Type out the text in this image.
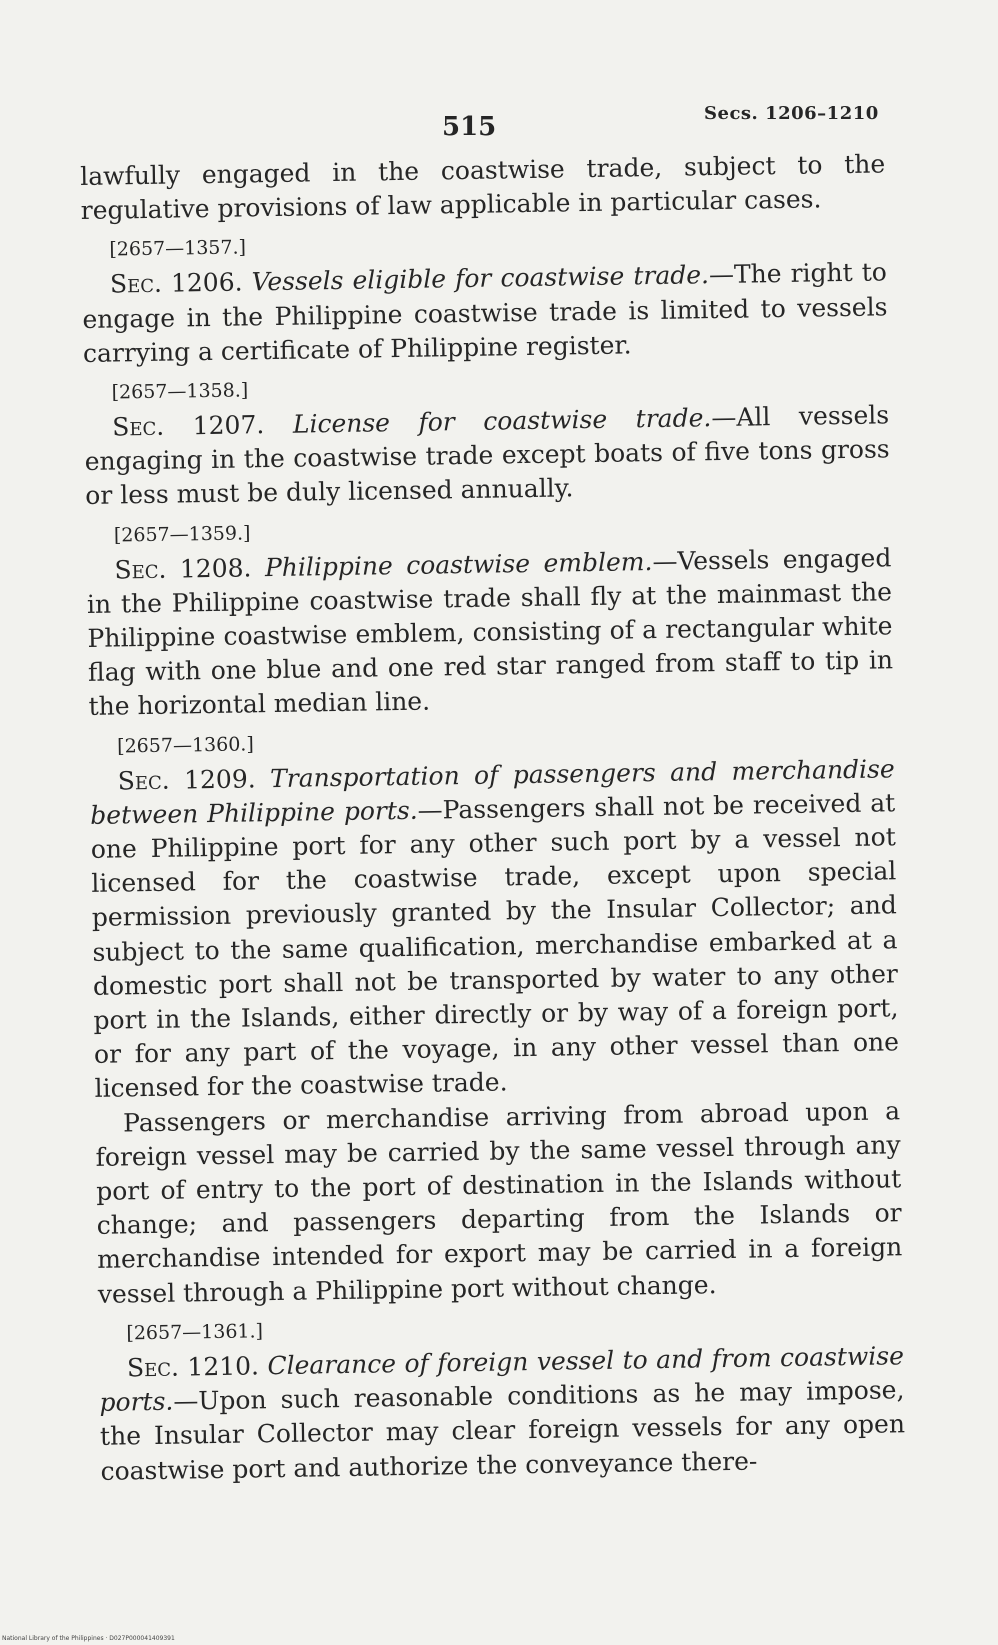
515	Secs. 1206–1210

lawfully engaged in the coastwise trade, subject to the regulative provisions of law applicable in particular cases.

[2657—1357.]

Sec. 1206. Vessels eligible for coastwise trade.—The right to engage in the Philippine coastwise trade is limited to vessels carrying a certificate of Philippine register.

[2657—1358.]

Sec. 1207. License for coastwise trade.—All vessels engaging in the coastwise trade except boats of five tons gross or less must be duly licensed annually.

[2657—1359.]

Sec. 1208. Philippine coastwise emblem.—Vessels engaged in the Philippine coastwise trade shall fly at the mainmast the Philippine coastwise emblem, consisting of a rectangular white flag with one blue and one red star ranged from staff to tip in the horizontal median line.

[2657—1360.]

Sec. 1209. Transportation of passengers and merchandise between Philippine ports.—Passengers shall not be received at one Philippine port for any other such port by a vessel not licensed for the coastwise trade, except upon special permission previously granted by the Insular Collector; and subject to the same qualification, merchandise embarked at a domestic port shall not be transported by water to any other port in the Islands, either directly or by way of a foreign port, or for any part of the voyage, in any other vessel than one licensed for the coastwise trade.

Passengers or merchandise arriving from abroad upon a foreign vessel may be carried by the same vessel through any port of entry to the port of destination in the Islands without change; and passengers departing from the Islands or merchandise intended for export may be carried in a foreign vessel through a Philippine port without change.

[2657—1361.]

Sec. 1210. Clearance of foreign vessel to and from coastwise ports.—Upon such reasonable conditions as he may impose, the Insular Collector may clear foreign vessels for any open coastwise port and authorize the conveyance there-

National Library of the Philippines · D027P000041409391
